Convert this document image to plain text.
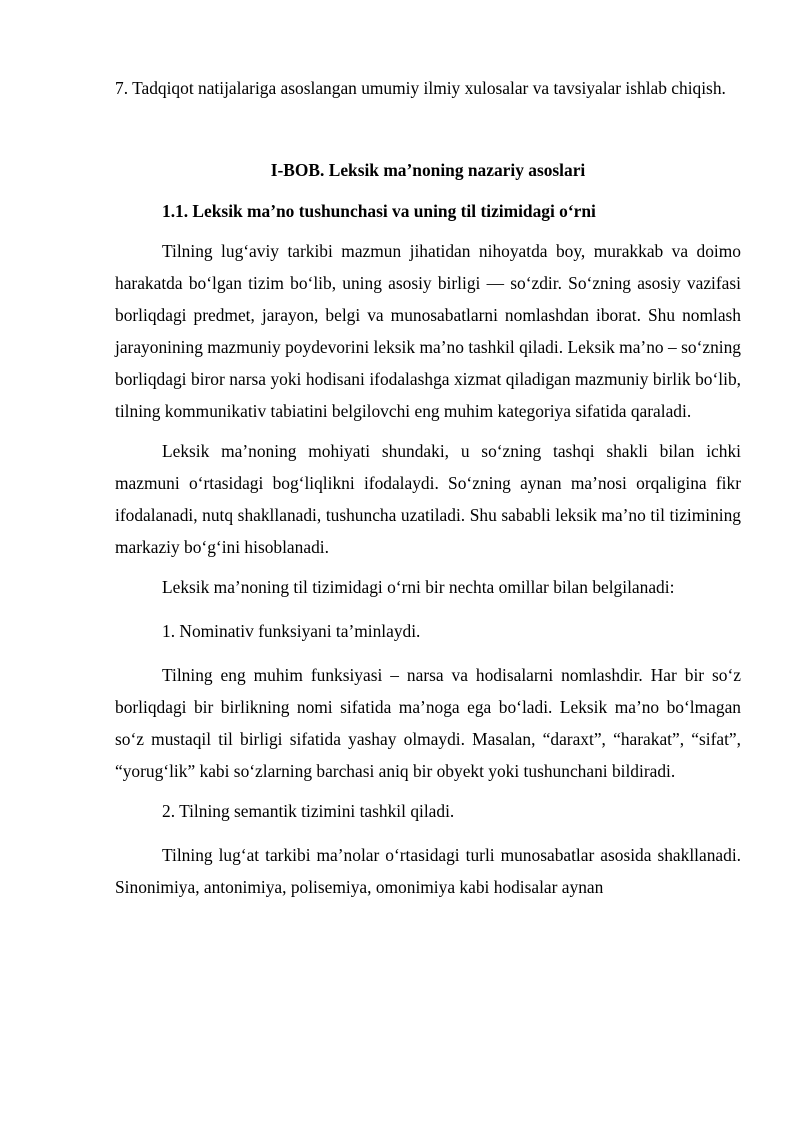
7. Tadqiqot natijalariga asoslangan umumiy ilmiy xulosalar va tavsiyalar ishlab chiqish.

I-BOB. Leksik ma’noning nazariy asoslari

1.1. Leksik ma’no tushunchasi va uning til tizimidagi o‘rni

Tilning lug‘aviy tarkibi mazmun jihatidan nihoyatda boy, murakkab va doimo harakatda bo‘lgan tizim bo‘lib, uning asosiy birligi — so‘zdir. So‘zning asosiy vazifasi borliqdagi predmet, jarayon, belgi va munosabatlarni nomlashdan iborat. Shu nomlash jarayonining mazmuniy poydevorini leksik ma’no tashkil qiladi. Leksik ma’no – so‘zning borliqdagi biror narsa yoki hodisani ifodalashga xizmat qiladigan mazmuniy birlik bo‘lib, tilning kommunikativ tabiatini belgilovchi eng muhim kategoriya sifatida qaraladi.

Leksik ma’noning mohiyati shundaki, u so‘zning tashqi shakli bilan ichki mazmuni o‘rtasidagi bog‘liqlikni ifodalaydi. So‘zning aynan ma’nosi orqaligina fikr ifodalanadi, nutq shakllanadi, tushuncha uzatiladi. Shu sababli leksik ma’no til tizimining markaziy bo‘g‘ini hisoblanadi.

Leksik ma’noning til tizimidagi o‘rni bir nechta omillar bilan belgilanadi:

1. Nominativ funksiyani ta’minlaydi.

Tilning eng muhim funksiyasi – narsa va hodisalarni nomlashdir. Har bir so‘z borliqdagi bir birlikning nomi sifatida ma’noga ega bo‘ladi. Leksik ma’no bo‘lmagan so‘z mustaqil til birligi sifatida yashay olmaydi. Masalan, “daraxt”, “harakat”, “sifat”, “yorug‘lik” kabi so‘zlarning barchasi aniq bir obyekt yoki tushunchani bildiradi.

2. Tilning semantik tizimini tashkil qiladi.

Tilning lug‘at tarkibi ma’nolar o‘rtasidagi turli munosabatlar asosida shakllanadi. Sinonimiya, antonimiya, polisemiya, omonimiya kabi hodisalar aynan
